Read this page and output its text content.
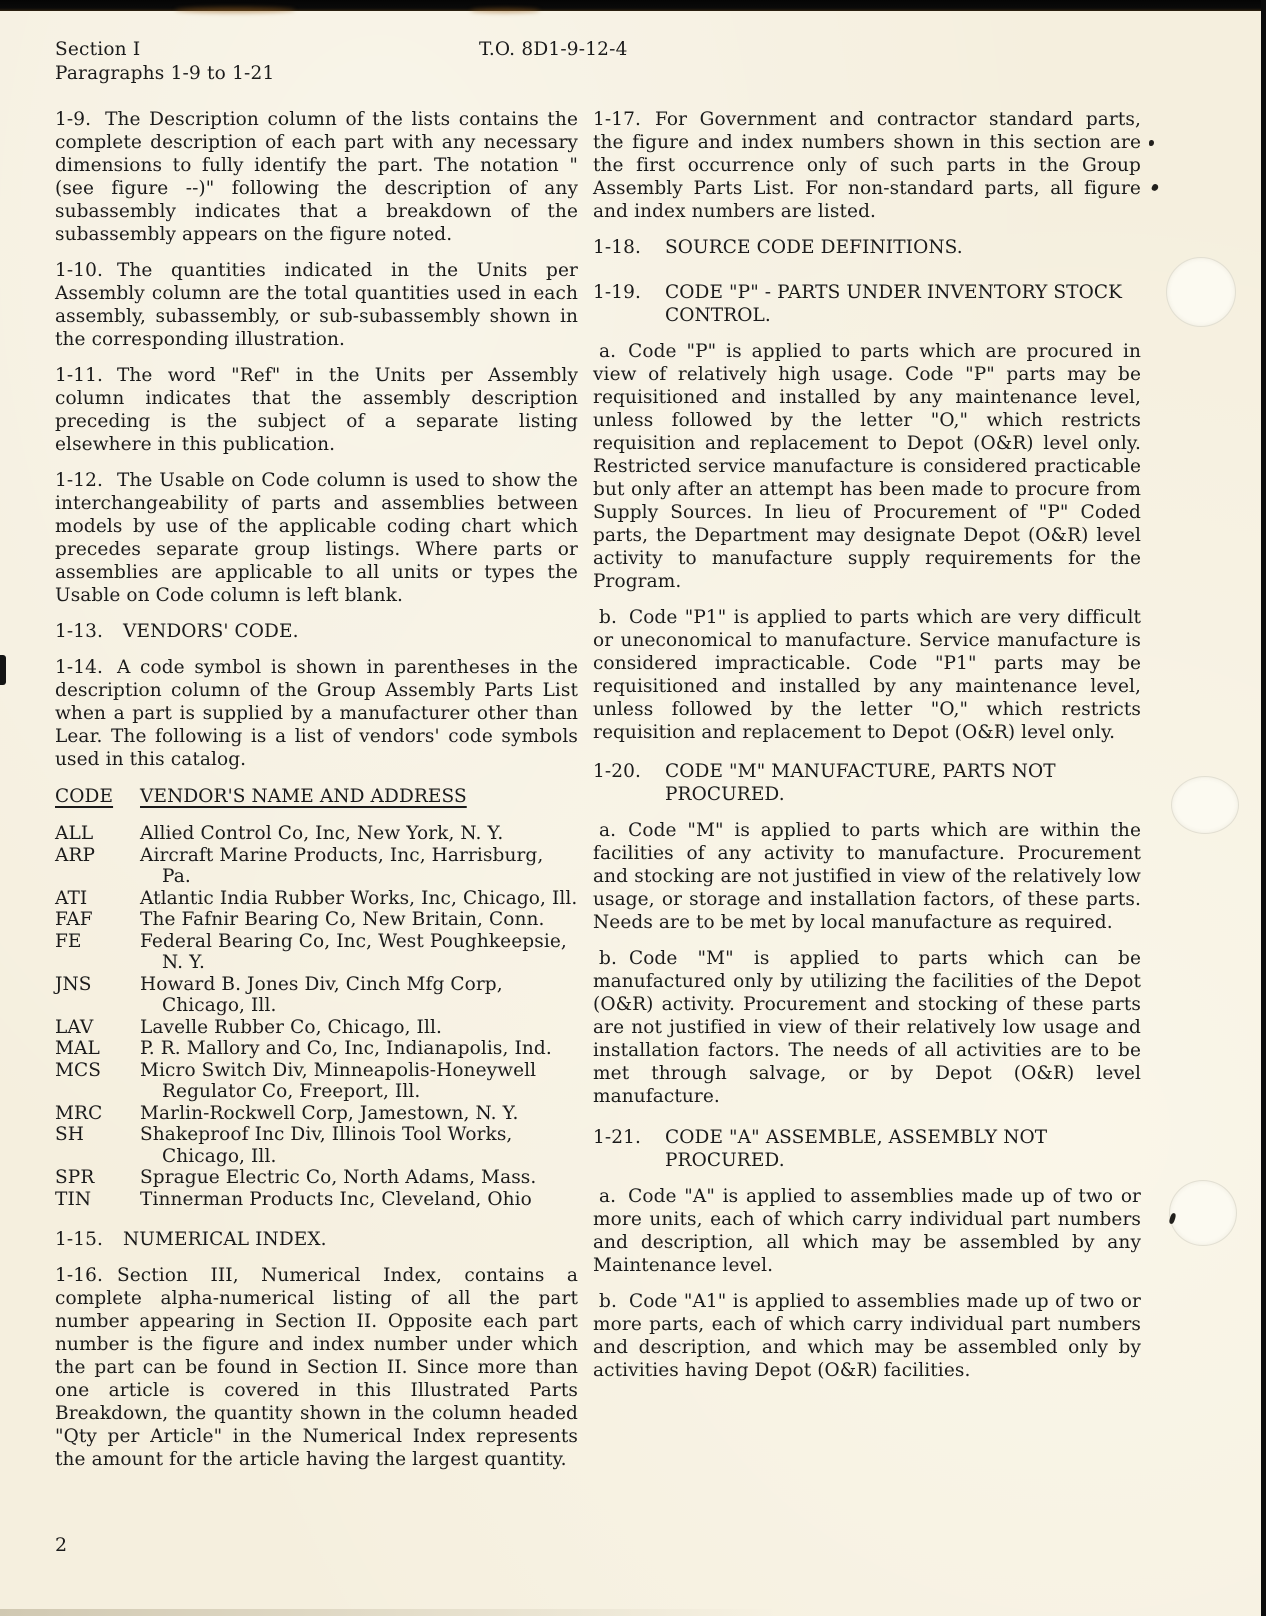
Section I
Paragraphs 1-9 to 1-21
T.O. 8D1-9-12-4

1-9. The Description column of the lists contains the complete description of each part with any necessary dimensions to fully identify the part. The notation "(see figure --)" following the description of any subassembly indicates that a breakdown of the subassembly appears on the figure noted.

1-10. The quantities indicated in the Units per Assembly column are the total quantities used in each assembly, subassembly, or sub-subassembly shown in the corresponding illustration.

1-11. The word "Ref" in the Units per Assembly column indicates that the assembly description preceding is the subject of a separate listing elsewhere in this publication.

1-12. The Usable on Code column is used to show the interchangeability of parts and assemblies between models by use of the applicable coding chart which precedes separate group listings. Where parts or assemblies are applicable to all units or types the Usable on Code column is left blank.

1-13.	VENDORS' CODE.

1-14. A code symbol is shown in parentheses in the description column of the Group Assembly Parts List when a part is supplied by a manufacturer other than Lear. The following is a list of vendors' code symbols used in this catalog.

CODE	VENDOR'S NAME AND ADDRESS
ALL	Allied Control Co, Inc, New York, N. Y.
ARP	Aircraft Marine Products, Inc, Harrisburg, Pa.
ATI	Atlantic India Rubber Works, Inc, Chicago, Ill.
FAF	The Fafnir Bearing Co, New Britain, Conn.
FE	Federal Bearing Co, Inc, West Poughkeepsie, N. Y.
JNS	Howard B. Jones Div, Cinch Mfg Corp, Chicago, Ill.
LAV	Lavelle Rubber Co, Chicago, Ill.
MAL	P. R. Mallory and Co, Inc, Indianapolis, Ind.
MCS	Micro Switch Div, Minneapolis-Honeywell Regulator Co, Freeport, Ill.
MRC	Marlin-Rockwell Corp, Jamestown, N. Y.
SH	Shakeproof Inc Div, Illinois Tool Works, Chicago, Ill.
SPR	Sprague Electric Co, North Adams, Mass.
TIN	Tinnerman Products Inc, Cleveland, Ohio
1-15.	NUMERICAL INDEX.

1-16. Section III, Numerical Index, contains a complete alpha-numerical listing of all the part number appearing in Section II. Opposite each part number is the figure and index number under which the part can be found in Section II. Since more than one article is covered in this Illustrated Parts Breakdown, the quantity shown in the column headed "Qty per Article" in the Numerical Index represents the amount for the article having the largest quantity.

1-17. For Government and contractor standard parts, the figure and index numbers shown in this section are the first occurrence only of such parts in the Group Assembly Parts List. For non-standard parts, all figure and index numbers are listed.

1-18.	SOURCE CODE DEFINITIONS.
1-19.	CODE "P" - PARTS UNDER INVENTORY STOCK CONTROL.

a. Code "P" is applied to parts which are procured in view of relatively high usage. Code "P" parts may be requisitioned and installed by any maintenance level, unless followed by the letter "O," which restricts requisition and replacement to Depot (O&R) level only. Restricted service manufacture is considered practicable but only after an attempt has been made to procure from Supply Sources. In lieu of Procurement of "P" Coded parts, the Department may designate Depot (O&R) level activity to manufacture supply requirements for the Program.

b. Code "P1" is applied to parts which are very difficult or uneconomical to manufacture. Service manufacture is considered impracticable. Code "P1" parts may be requisitioned and installed by any maintenance level, unless followed by the letter "O," which restricts requisition and replacement to Depot (O&R) level only.

1-20.	CODE "M" MANUFACTURE, PARTS NOT PROCURED.

a. Code "M" is applied to parts which are within the facilities of any activity to manufacture. Procurement and stocking are not justified in view of the relatively low usage, or storage and installation factors, of these parts. Needs are to be met by local manufacture as required.

b. Code "M" is applied to parts which can be manufactured only by utilizing the facilities of the Depot (O&R) activity. Procurement and stocking of these parts are not justified in view of their relatively low usage and installation factors. The needs of all activities are to be met through salvage, or by Depot (O&R) level manufacture.

1-21.	CODE "A" ASSEMBLE, ASSEMBLY NOT PROCURED.

a. Code "A" is applied to assemblies made up of two or more units, each of which carry individual part numbers and description, all which may be assembled by any Maintenance level.

b. Code "A1" is applied to assemblies made up of two or more parts, each of which carry individual part numbers and description, and which may be assembled only by activities having Depot (O&R) facilities.

2
